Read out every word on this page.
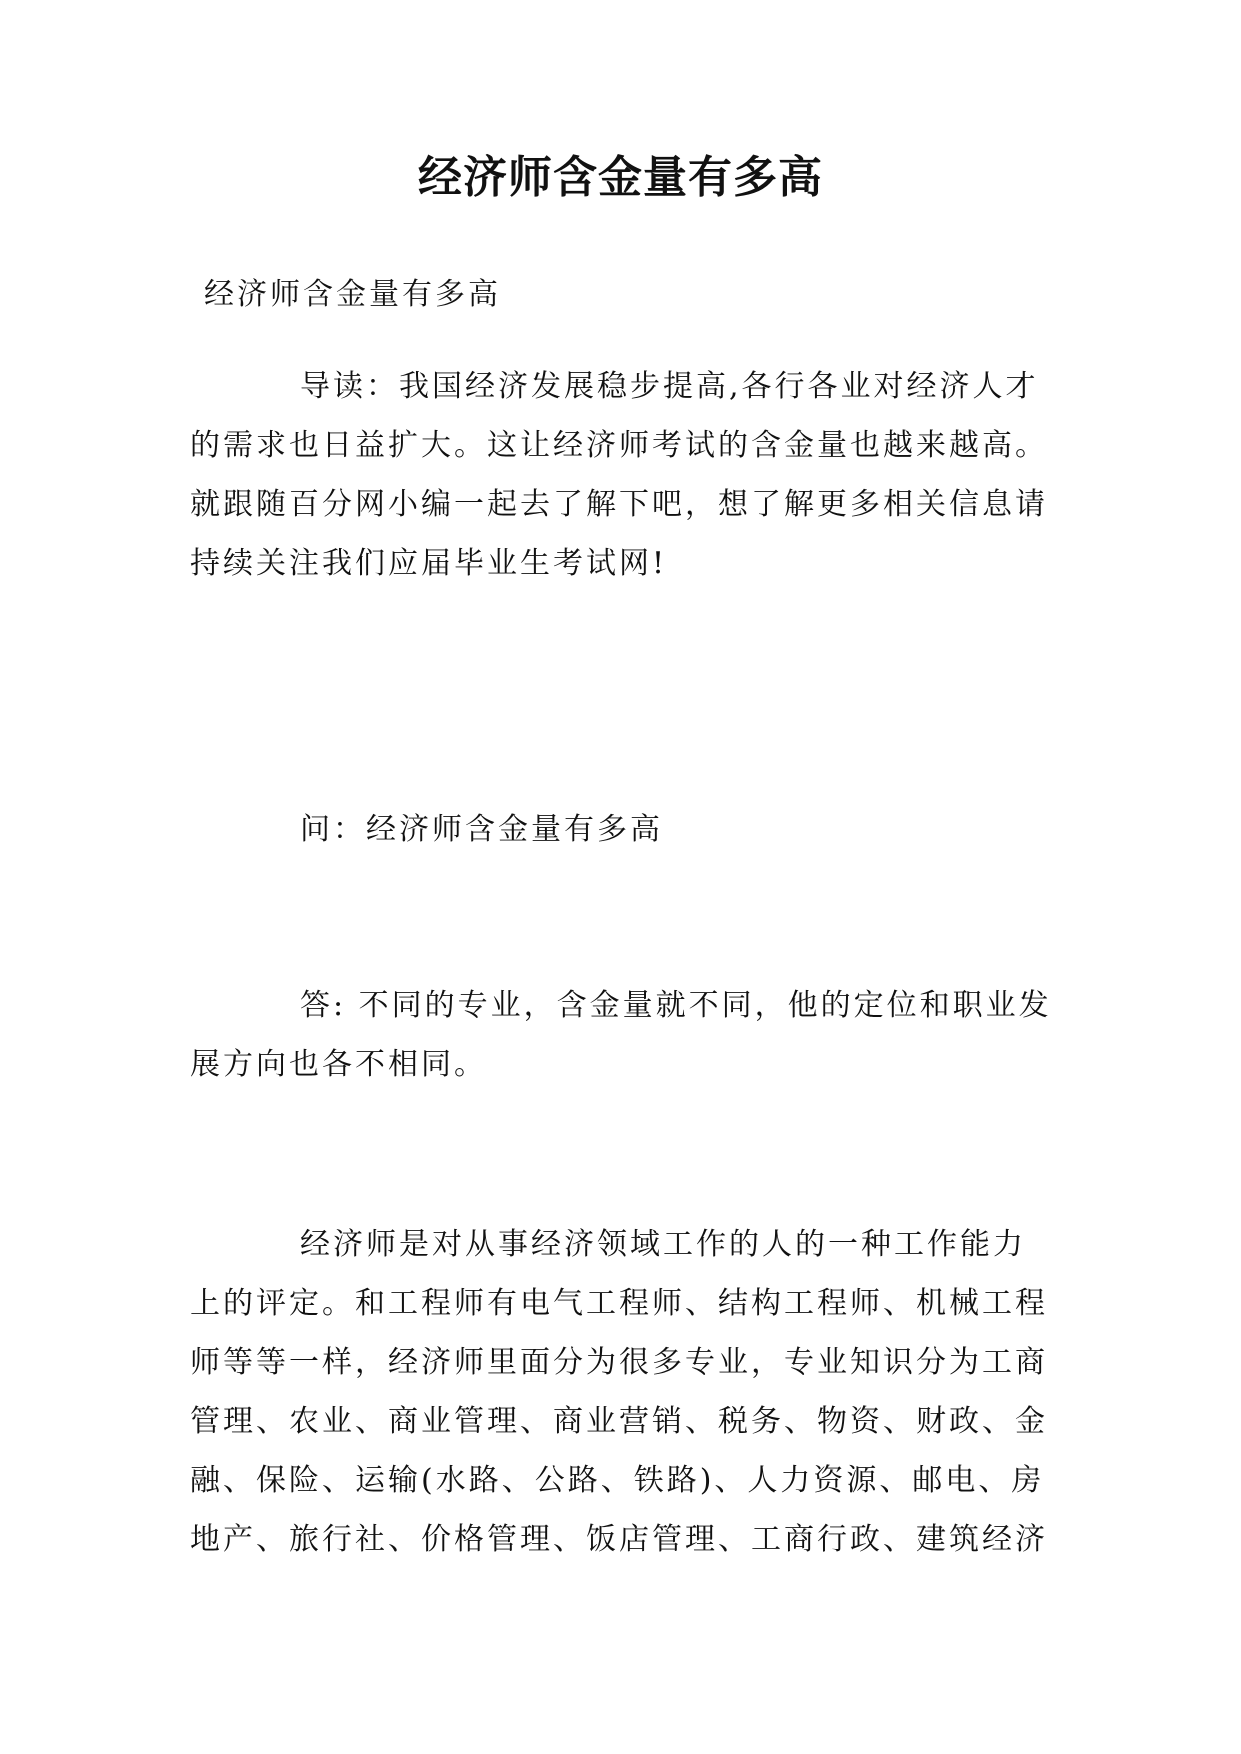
经济师含金量有多高

经济师含金量有多高

导读：我国经济发展稳步提高,各行各业对经济人才
的需求也日益扩大。这让经济师考试的含金量也越来越高。
就跟随百分网小编一起去了解下吧，想了解更多相关信息请
持续关注我们应届毕业生考试网!

问：经济师含金量有多高

答: 不同的专业，含金量就不同，他的定位和职业发
展方向也各不相同。
经济师是对从事经济领域工作的人的一种工作能力
上的评定。和工程师有电气工程师、结构工程师、机械工程
师等等一样，经济师里面分为很多专业，专业知识分为工商
管理、农业、商业管理、商业营销、税务、物资、财政、金
融、保险、运输(水路、公路、铁路)、人力资源、邮电、房
地产、旅行社、价格管理、饭店管理、工商行政、建筑经济
